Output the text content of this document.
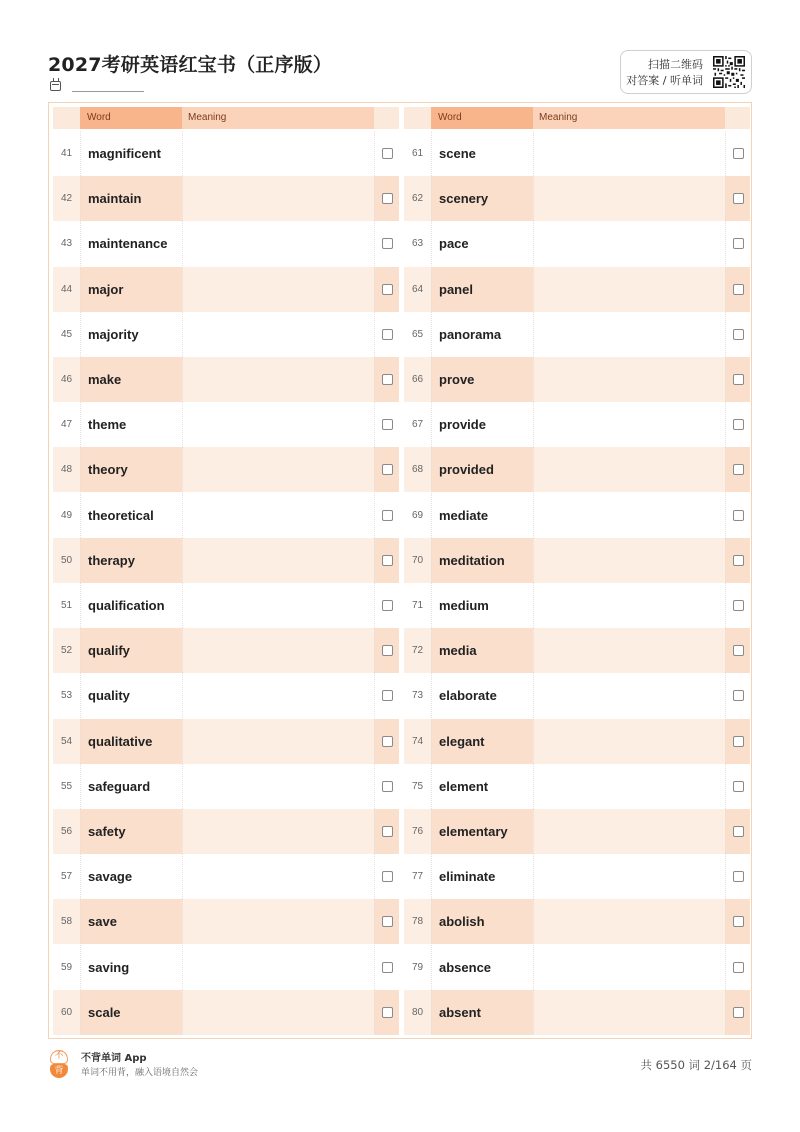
2027考研英语红宝书（正序版）	扫描二维码
对答案 / 听单词
Word	Meaning
41	magnificent
42	maintain
43	maintenance
44	major
45	majority
46	make
47	theme
48	theory
49	theoretical
50	therapy
51	qualification
52	qualify
53	quality
54	qualitative
55	safeguard
56	safety
57	savage
58	save
59	saving
60	scale
Word	Meaning
61	scene
62	scenery
63	pace
64	panel
65	panorama
66	prove
67	provide
68	provided
69	mediate
70	meditation
71	medium
72	media
73	elaborate
74	elegant
75	element
76	elementary
77	eliminate
78	abolish
79	absence
80	absent
不
背
不背单词 App
单词不用背，融入语境自然会
共 6550 词 2/164 页
